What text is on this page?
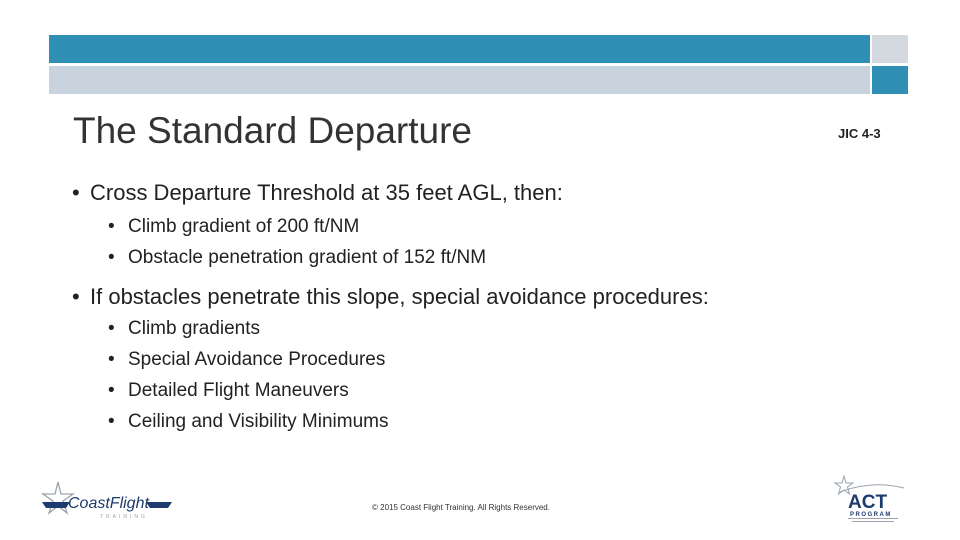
The Standard Departure	JIC 4-3
• Cross Departure Threshold at 35 feet AGL, then:
• Climb gradient of 200 ft/NM
• Obstacle penetration gradient of 152 ft/NM
• If obstacles penetrate this slope, special avoidance procedures:
• Climb gradients
• Special Avoidance Procedures
• Detailed Flight Maneuvers
• Ceiling and Visibility Minimums
© 2015 Coast Flight Training. All Rights Reserved.
CoastFlight
TRAINING
ACT
PROGRAM
